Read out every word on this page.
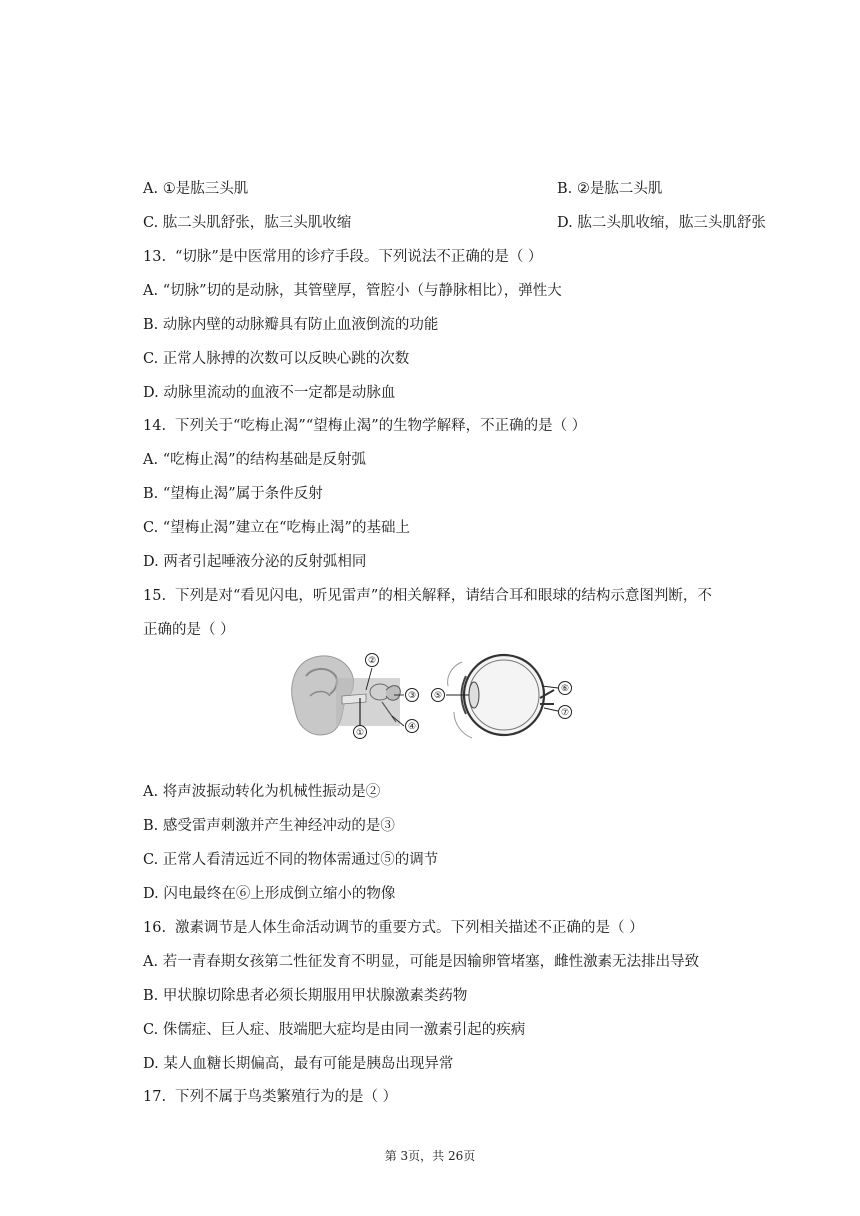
A. ①是肱三头肌	B. ②是肱二头肌
C. 肱二头肌舒张，肱三头肌收缩	D. 肱二头肌收缩，肱三头肌舒张
13. “切脉”是中医常用的诊疗手段。下列说法不正确的是（ ）
A. “切脉”切的是动脉，其管壁厚，管腔小（与静脉相比），弹性大
B. 动脉内壁的动脉瓣具有防止血液倒流的功能
C. 正常人脉搏的次数可以反映心跳的次数
D. 动脉里流动的血液不一定都是动脉血
14. 下列关于“吃梅止渴”“望梅止渴”的生物学解释，不正确的是（ ）
A. “吃梅止渴”的结构基础是反射弧
B. “望梅止渴”属于条件反射
C. “望梅止渴”建立在“吃梅止渴”的基础上
D. 两者引起唾液分泌的反射弧相同
15. 下列是对“看见闪电，听见雷声”的相关解释，请结合耳和眼球的结构示意图判断，不
正确的是（ ）
①
②
③
④
⑤
⑥
⑦
A. 将声波振动转化为机械性振动是②
B. 感受雷声刺激并产生神经冲动的是③
C. 正常人看清远近不同的物体需通过⑤的调节
D. 闪电最终在⑥上形成倒立缩小的物像
16. 激素调节是人体生命活动调节的重要方式。下列相关描述不正确的是（ ）
A. 若一青春期女孩第二性征发育不明显，可能是因输卵管堵塞，雌性激素无法排出导致
B. 甲状腺切除患者必须长期服用甲状腺激素类药物
C. 侏儒症、巨人症、肢端肥大症均是由同一激素引起的疾病
D. 某人血糖长期偏高，最有可能是胰岛出现异常
17. 下列不属于鸟类繁殖行为的是（ ）
第 3页，共 26页
